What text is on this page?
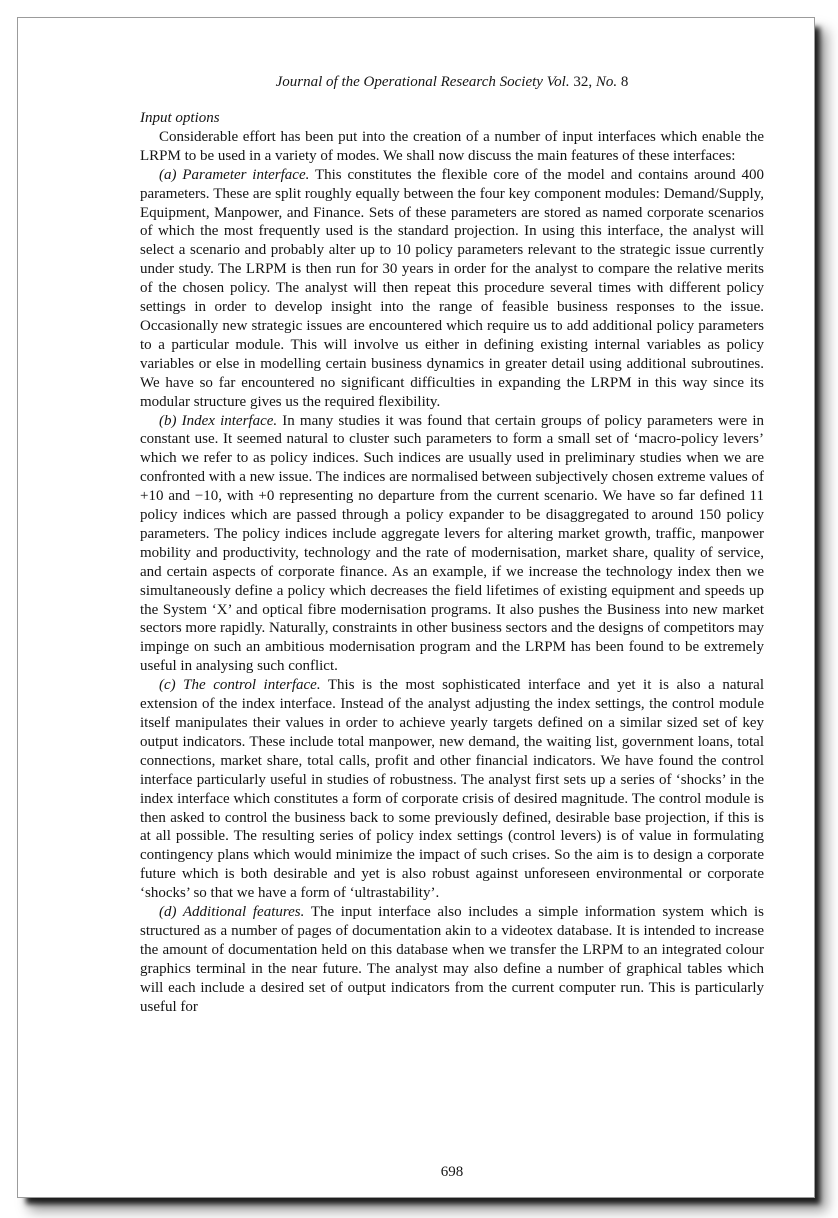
Journal of the Operational Research Society Vol. 32, No. 8
Input options

Considerable effort has been put into the creation of a number of input interfaces which enable the LRPM to be used in a variety of modes. We shall now discuss the main features of these interfaces:

(a) Parameter interface. This constitutes the flexible core of the model and contains around 400 parameters. These are split roughly equally between the four key component modules: Demand/Supply, Equipment, Manpower, and Finance. Sets of these parameters are stored as named corporate scenarios of which the most frequently used is the standard projection. In using this interface, the analyst will select a scenario and probably alter up to 10 policy parameters relevant to the strategic issue currently under study. The LRPM is then run for 30 years in order for the analyst to compare the relative merits of the chosen policy. The analyst will then repeat this procedure several times with different policy settings in order to develop insight into the range of feasible business responses to the issue. Occasionally new strategic issues are encountered which require us to add additional policy parameters to a particular module. This will involve us either in defining existing internal variables as policy variables or else in modelling certain business dynamics in greater detail using additional subroutines. We have so far encountered no significant difficulties in expanding the LRPM in this way since its modular structure gives us the required flexibility.

(b) Index interface. In many studies it was found that certain groups of policy parameters were in constant use. It seemed natural to cluster such parameters to form a small set of ‘macro-policy levers’ which we refer to as policy indices. Such indices are usually used in preliminary studies when we are confronted with a new issue. The indices are normalised between subjectively chosen extreme values of +10 and −10, with +0 representing no departure from the current scenario. We have so far defined 11 policy indices which are passed through a policy expander to be disaggregated to around 150 policy parameters. The policy indices include aggregate levers for altering market growth, traffic, manpower mobility and productivity, technology and the rate of modernisation, market share, quality of service, and certain aspects of corporate finance. As an example, if we increase the technology index then we simultaneously define a policy which decreases the field lifetimes of existing equipment and speeds up the System ‘X’ and optical fibre modernisation programs. It also pushes the Business into new market sectors more rapidly. Naturally, constraints in other business sectors and the designs of competitors may impinge on such an ambitious modernisation program and the LRPM has been found to be extremely useful in analysing such conflict.

(c) The control interface. This is the most sophisticated interface and yet it is also a natural extension of the index interface. Instead of the analyst adjusting the index settings, the control module itself manipulates their values in order to achieve yearly targets defined on a similar sized set of key output indicators. These include total manpower, new demand, the waiting list, government loans, total connections, market share, total calls, profit and other financial indicators. We have found the control interface particularly useful in studies of robustness. The analyst first sets up a series of ‘shocks’ in the index interface which constitutes a form of corporate crisis of desired magnitude. The control module is then asked to control the business back to some previously defined, desirable base projection, if this is at all possible. The resulting series of policy index settings (control levers) is of value in formulating contingency plans which would minimize the impact of such crises. So the aim is to design a corporate future which is both desirable and yet is also robust against unforeseen environmental or corporate ‘shocks’ so that we have a form of ‘ultrastability’.

(d) Additional features. The input interface also includes a simple information system which is structured as a number of pages of documentation akin to a videotex database. It is intended to increase the amount of documentation held on this database when we transfer the LRPM to an integrated colour graphics terminal in the near future. The analyst may also define a number of graphical tables which will each include a desired set of output indicators from the current computer run. This is particularly useful for

698
